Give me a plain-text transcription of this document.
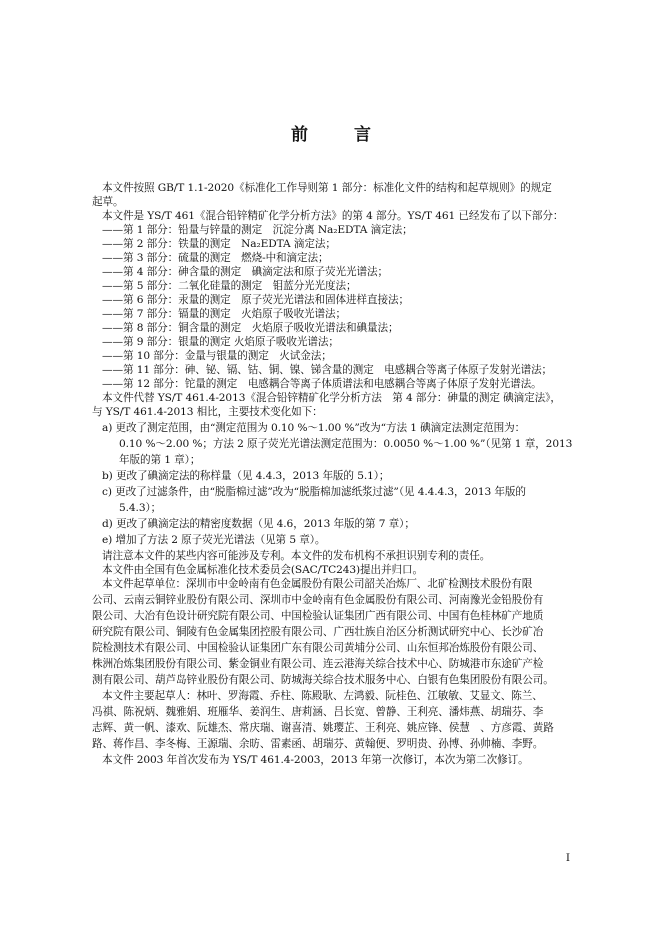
前	言
本文件按照 GB/T 1.1-2020《标准化工作导则第 1 部分：标准化文件的结构和起草规则》的规定
起草。
本文件是 YS/T 461《混合铅锌精矿化学分析方法》的第 4 部分。YS/T 461 已经发布了以下部分：
——第 1 部分：铅量与锌量的测定　沉淀分离 Na₂EDTA 滴定法；
——第 2 部分：铁量的测定　Na₂EDTA 滴定法；
——第 3 部分：硫量的测定　燃烧-中和滴定法；
——第 4 部分：砷含量的测定　碘滴定法和原子荧光光谱法；
——第 5 部分：二氧化硅量的测定　钼蓝分光光度法；
——第 6 部分：汞量的测定　原子荧光光谱法和固体进样直接法；
——第 7 部分：镉量的测定　火焰原子吸收光谱法；
——第 8 部分：铜含量的测定　火焰原子吸收光谱法和碘量法；
——第 9 部分：银量的测定 火焰原子吸收光谱法；
——第 10 部分：金量与银量的测定　火试金法；
——第 11 部分：砷、铋、镉、钴、铜、镍、锑含量的测定　电感耦合等离子体原子发射光谱法；
——第 12 部分：铊量的测定　电感耦合等离子体质谱法和电感耦合等离子体原子发射光谱法。
本文件代替 YS/T 461.4-2013《混合铅锌精矿化学分析方法　第 4 部分：砷量的测定 碘滴定法》，
与 YS/T 461.4-2013 相比，主要技术变化如下：
a) 更改了测定范围，由“测定范围为 0.10 %～1.00 %”改为“方法 1 碘滴定法测定范围为：
0.10 %～2.00 %；方法 2 原子荧光光谱法测定范围为：0.0050 %～1.00 %”（见第 1 章，2013
年版的第 1 章）；
b) 更改了碘滴定法的称样量（见 4.4.3，2013 年版的 5.1）；
c) 更改了过滤条件，由“脱脂棉过滤”改为“脱脂棉加滤纸浆过滤”（见 4.4.4.3，2013 年版的
5.4.3）；
d) 更改了碘滴定法的精密度数据（见 4.6，2013 年版的第 7 章）；
e) 增加了方法 2 原子荧光光谱法（见第 5 章）。
请注意本文件的某些内容可能涉及专利。本文件的发布机构不承担识别专利的责任。
本文件由全国有色金属标准化技术委员会(SAC/TC243)提出并归口。
本文件起草单位：深圳市中金岭南有色金属股份有限公司韶关冶炼厂、北矿检测技术股份有限
公司、云南云铜锌业股份有限公司、深圳市中金岭南有色金属股份有限公司、河南豫光金铅股份有
限公司、大冶有色设计研究院有限公司、中国检验认证集团广西有限公司、中国有色桂林矿产地质
研究院有限公司、铜陵有色金属集团控股有限公司、广西壮族自治区分析测试研究中心、长沙矿冶
院检测技术有限公司、中国检验认证集团广东有限公司黄埔分公司、山东恒邦冶炼股份有限公司、
株洲冶炼集团股份有限公司、紫金铜业有限公司、连云港海关综合技术中心、防城港市东途矿产检
测有限公司、葫芦岛锌业股份有限公司、防城海关综合技术服务中心、白银有色集团股份有限公司。
本文件主要起草人：林叶、罗海霞、乔柱、陈殿耿、左鸿毅、阮桂色、江敏敏、艾显文、陈兰、
冯祺、陈祝炳、魏雅娟、班雁华、姜润生、唐莉涵、吕长宽、曾静、王利亮、潘炜燕、胡瑞芬、李
志辉、黄一帆、漆欢、阮雄杰、常庆瑞、谢喜清、姚璎芷、王利亮、姚应锋、侯慧　、方彦霞、黄路
路、蒋作昌、李冬梅、王源瑞、余昉、雷素函、胡瑞芬、黄翰便、罗明贵、孙博、孙帅楠、李野。
本文件 2003 年首次发布为 YS/T 461.4-2003，2013 年第一次修订，本次为第二次修订。
I
